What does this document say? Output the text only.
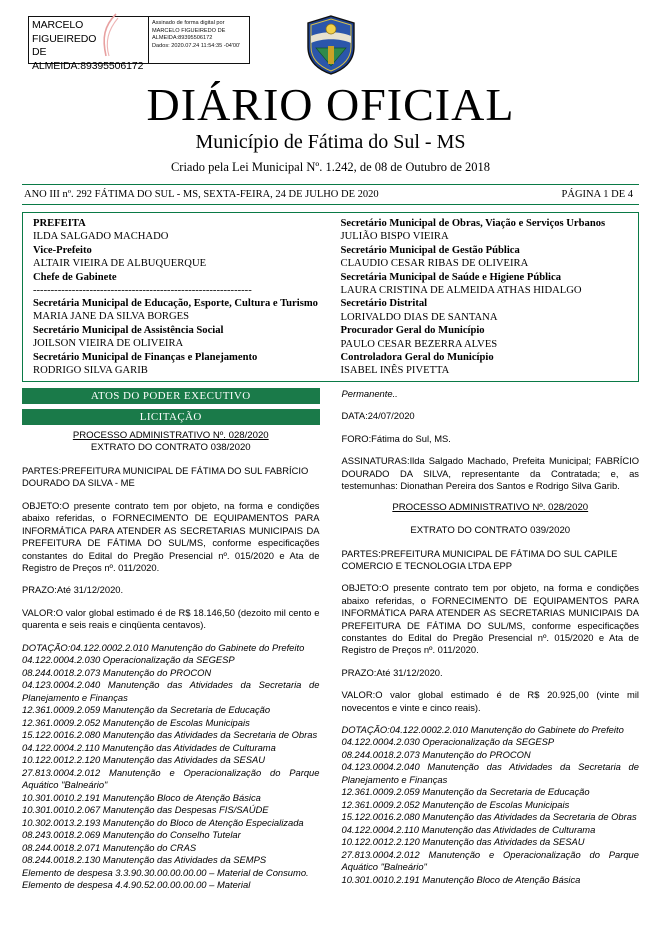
MARCELO FIGUEIREDO
DE
ALMEIDA:89395506172
Assinado de forma digital por
MARCELO FIGUEIREDO DE
ALMEIDA:89395506172
Dados: 2020.07.24 11:54:35 -04'00'
DIÁRIO OFICIAL
Município de Fátima do Sul - MS
Criado pela Lei Municipal Nº. 1.242, de 08 de Outubro de 2018
ANO III nº. 292 FÁTIMA DO SUL - MS, SEXTA-FEIRA, 24 DE JULHO DE 2020	PÁGINA 1 DE 4
PREFEITA
ILDA SALGADO MACHADO
Vice-Prefeito
ALTAIR VIEIRA DE ALBUQUERQUE
Chefe de Gabinete
--------------------------------------------------------------
Secretária Municipal de Educação, Esporte, Cultura e Turismo
MARIA JANE DA SILVA BORGES
Secretário Municipal de Assistência Social
JOILSON VIEIRA DE OLIVEIRA
Secretário Municipal de Finanças e Planejamento
RODRIGO SILVA GARIB
Secretário Municipal de Obras, Viação e Serviços Urbanos
JULIÃO BISPO VIEIRA
Secretário Municipal de Gestão Pública
CLAUDIO CESAR RIBAS DE OLIVEIRA
Secretária Municipal de Saúde e Higiene Pública
LAURA CRISTINA DE ALMEIDA ATHAS HIDALGO
Secretário Distrital
LORIVALDO DIAS DE SANTANA
Procurador Geral do Município
PAULO CESAR BEZERRA ALVES
Controladora Geral do Município
ISABEL INÊS PIVETTA
ATOS DO PODER EXECUTIVO
LICITAÇÃO
PROCESSO ADMINISTRATIVO Nº. 028/2020
EXTRATO DO CONTRATO 038/2020

PARTES:PREFEITURA MUNICIPAL DE FÁTIMA DO SUL FABRÍCIO DOURADO DA SILVA - ME

OBJETO:O presente contrato tem por objeto, na forma e condições abaixo referidas, o FORNECIMENTO DE EQUIPAMENTOS PARA INFORMÁTICA PARA ATENDER AS SECRETARIAS MUNICIPAIS DA PREFEITURA DE FÁTIMA DO SUL/MS, conforme especificações constantes do Edital do Pregão Presencial nº. 015/2020 e Ata de Registro de Preços nº. 011/2020.

PRAZO:Até 31/12/2020.

VALOR:O valor global estimado é de R$ 18.146,50 (dezoito mil cento e quarenta e seis reais e cinqüenta centavos).

DOTAÇÃO:04.122.0002.2.010 Manutenção do Gabinete do Prefeito

04.122.0004.2.030 Operacionalização da SEGESP
08.244.0018.2.073 Manutenção do PROCON
04.123.0004.2.040 Manutenção das Atividades da Secretaria de Planejamento e Finanças
12.361.0009.2.059 Manutenção da Secretaria de Educação
12.361.0009.2.052 Manutenção de Escolas Municipais
15.122.0016.2.080 Manutenção das Atividades da Secretaria de Obras
04.122.0004.2.110 Manutenção das Atividades de Culturama
10.122.0012.2.120 Manutenção das Atividades da SESAU
27.813.0004.2.012 Manutenção e Operacionalização do Parque Aquático "Balneário"
10.301.0010.2.191 Manutenção Bloco de Atenção Básica
10.301.0010.2.067 Manutenção das Despesas FIS/SAÚDE
10.302.0013.2.193 Manutenção do Bloco de Atenção Especializada
08.243.0018.2.069 Manutenção do Conselho Tutelar
08.244.0018.2.071 Manutenção do CRAS
08.244.0018.2.130 Manutenção das Atividades da SEMPS
Elemento de despesa 3.3.90.30.00.00.00.00 – Material de Consumo.
Elemento de despesa 4.4.90.52.00.00.00.00 – Material

Permanente..

DATA:24/07/2020

FORO:Fátima do Sul, MS.

ASSINATURAS:Ilda Salgado Machado, Prefeita Municipal; FABRÍCIO DOURADO DA SILVA, representante da Contratada; e, as testemunhas: Dionathan Pereira dos Santos e Rodrigo Silva Garib.

PROCESSO ADMINISTRATIVO Nº. 028/2020
EXTRATO DO CONTRATO 039/2020

PARTES:PREFEITURA MUNICIPAL DE FÁTIMA DO SUL CAPILE COMERCIO E TECNOLOGIA LTDA EPP

OBJETO:O presente contrato tem por objeto, na forma e condições abaixo referidas, o FORNECIMENTO DE EQUIPAMENTOS PARA INFORMÁTICA PARA ATENDER AS SECRETARIAS MUNICIPAIS DA PREFEITURA DE FÁTIMA DO SUL/MS, conforme especificações constantes do Edital do Pregão Presencial nº. 015/2020 e Ata de Registro de Preços nº. 011/2020.

PRAZO:Até 31/12/2020.

VALOR:O valor global estimado é de R$ 20.925,00 (vinte mil novecentos e vinte e cinco reais).

DOTAÇÃO:04.122.0002.2.010 Manutenção do Gabinete do Prefeito

04.122.0004.2.030 Operacionalização da SEGESP
08.244.0018.2.073 Manutenção do PROCON
04.123.0004.2.040 Manutenção das Atividades da Secretaria de Planejamento e Finanças
12.361.0009.2.059 Manutenção da Secretaria de Educação
12.361.0009.2.052 Manutenção de Escolas Municipais
15.122.0016.2.080 Manutenção das Atividades da Secretaria de Obras
04.122.0004.2.110 Manutenção das Atividades de Culturama
10.122.0012.2.120 Manutenção das Atividades da SESAU
27.813.0004.2.012 Manutenção e Operacionalização do Parque Aquático "Balneário"
10.301.0010.2.191 Manutenção Bloco de Atenção Básica
